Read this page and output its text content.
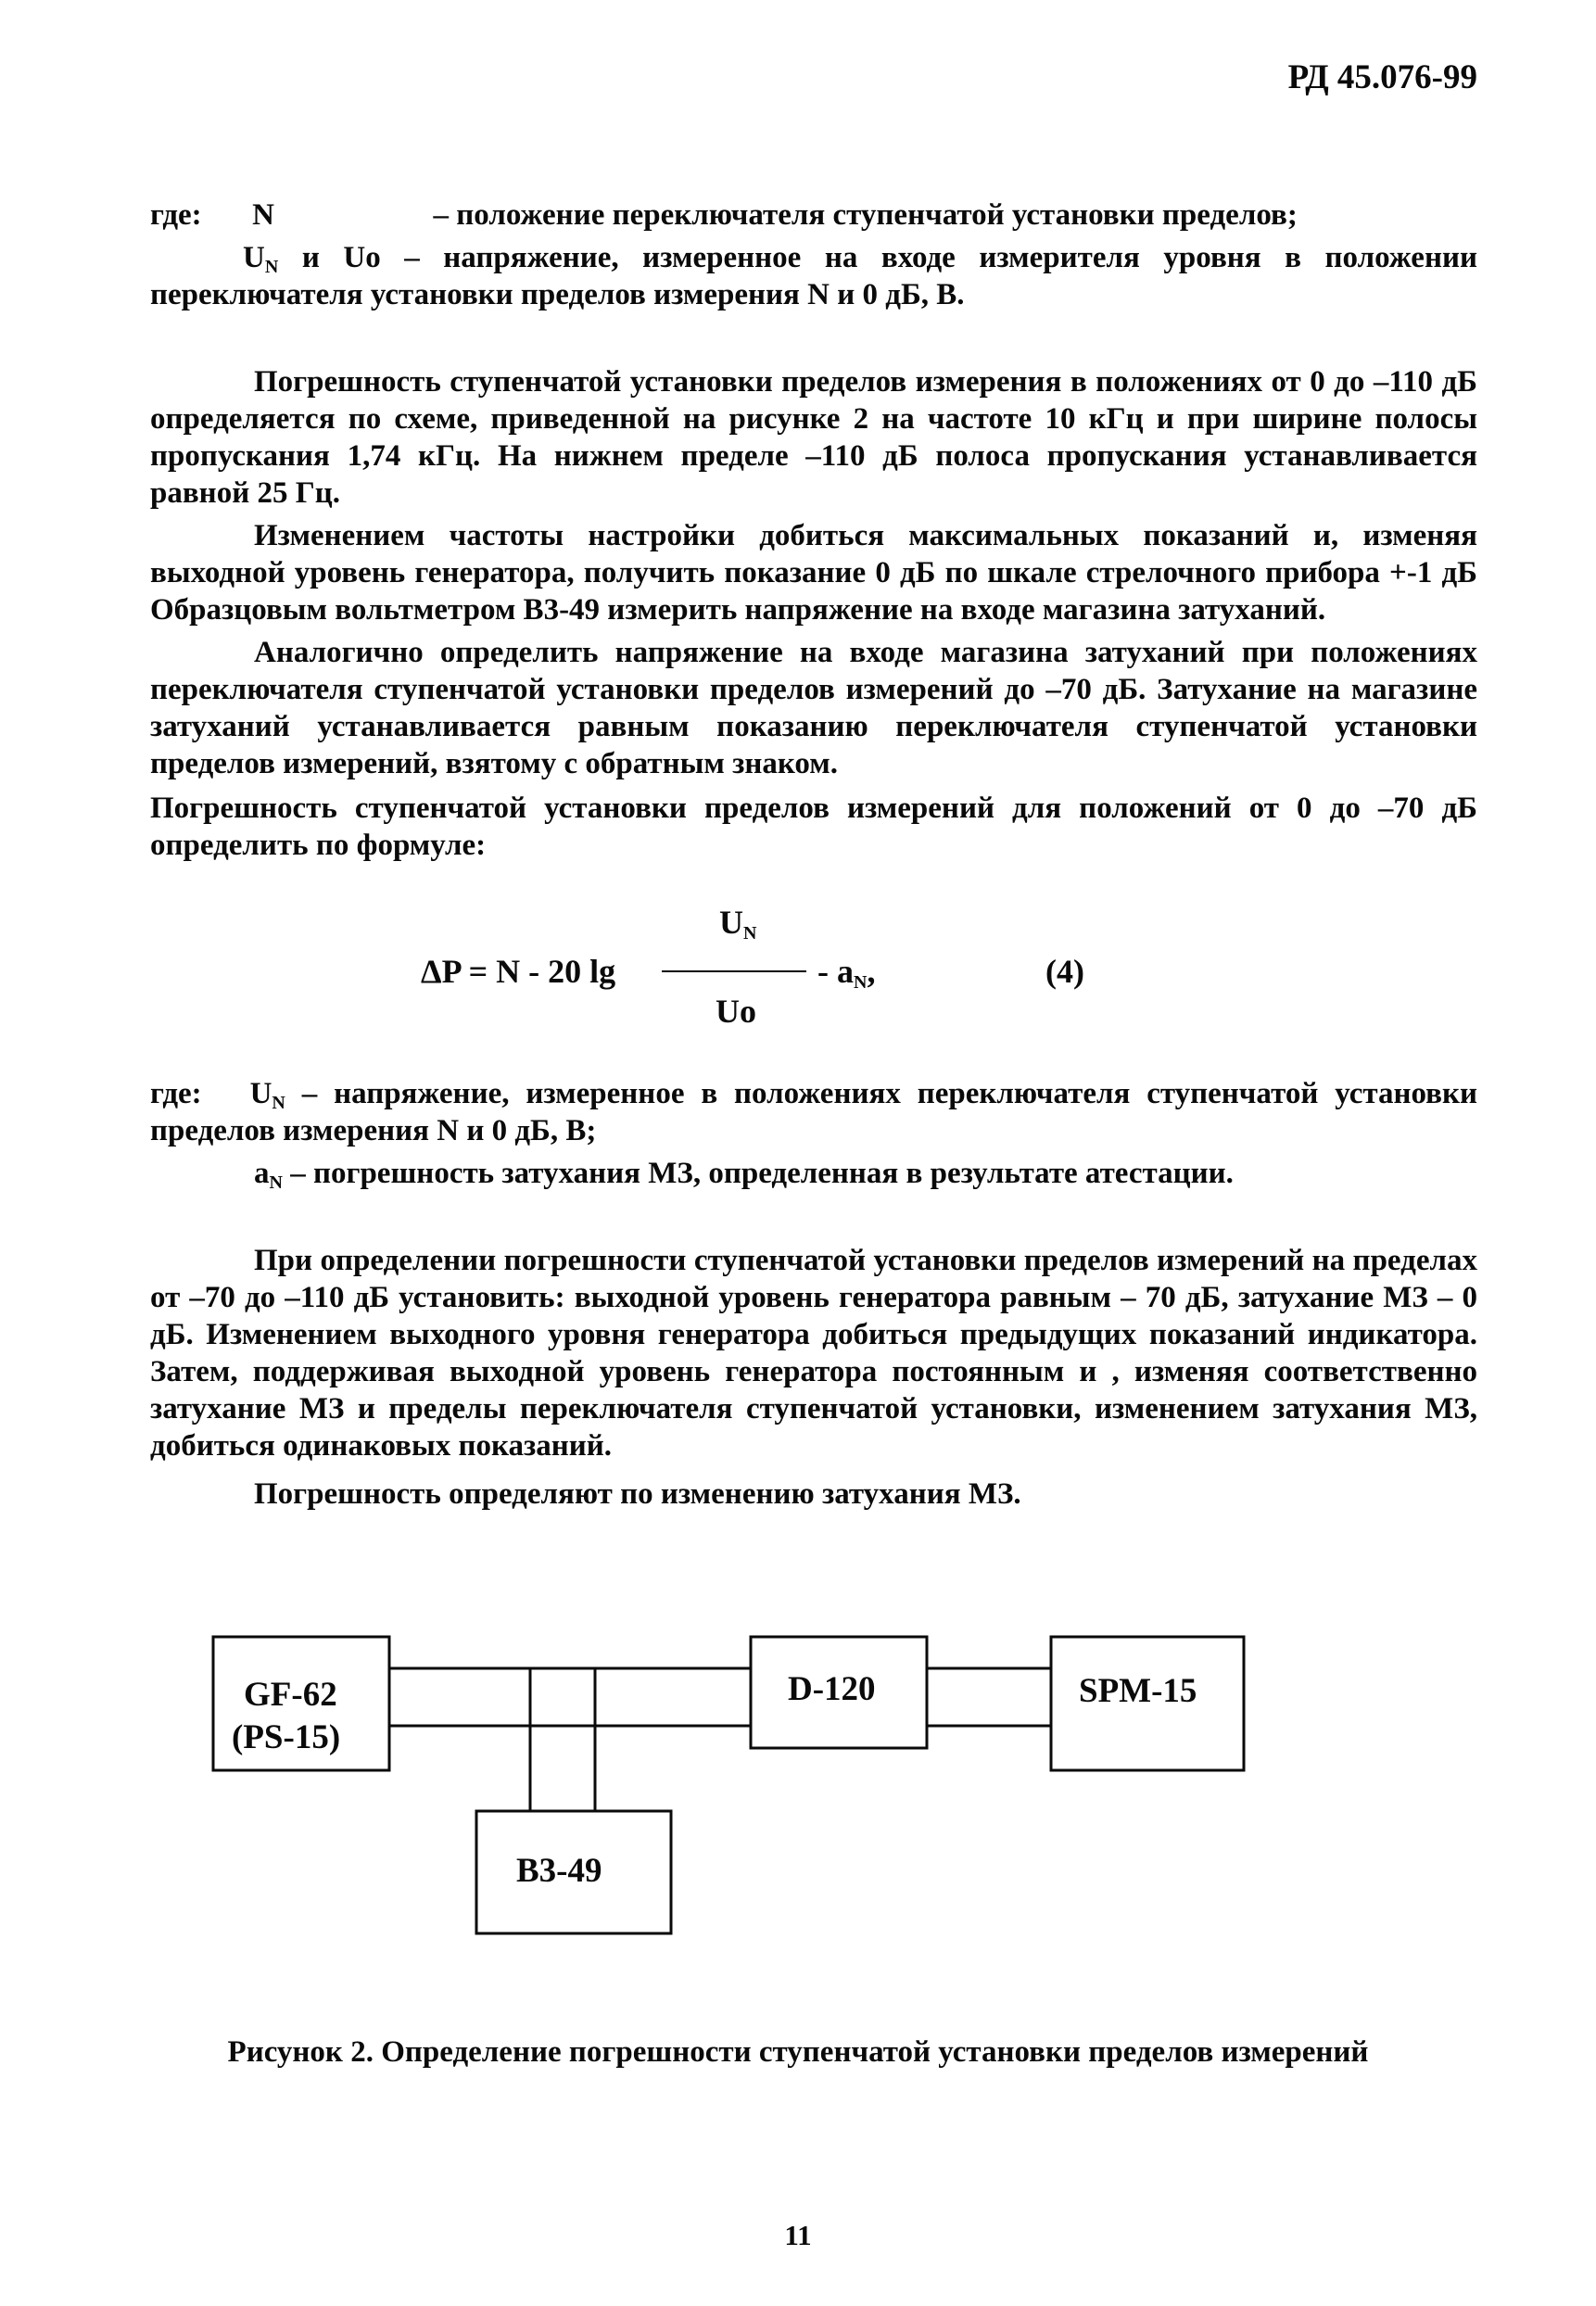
РД 45.076-99
где: N	– положение переключателя ступенчатой установки пределов;
$U_N$ и Uo – напряжение, измеренное на входе измерителя уровня в положении переключателя установки пределов измерения N и 0 дБ, В.

Погрешность ступенчатой установки пределов измерения в положениях от 0 до –110 дБ определяется по схеме, приведенной на рисунке 2 на частоте 10 кГц и при ширине полосы пропускания 1,74 кГц. На нижнем пределе –110 дБ полоса пропускания устанавливается равной 25 Гц.

Изменением частоты настройки добиться максимальных показаний и, изменяя выходной уровень генератора, получить показание 0 дБ по шкале стрелочного прибора +-1 дБ Образцовым вольтметром В3-49 измерить напряжение на входе магазина затуханий.

Аналогично определить напряжение на входе магазина затуханий при положениях переключателя ступенчатой установки пределов измерений до –70 дБ. Затухание на магазине затуханий устанавливается равным показанию переключателя ступенчатой установки пределов измерений, взятому с обратным знаком.

Погрешность ступенчатой установки пределов измерений для положений от 0 до –70 дБ определить по формуле:

ΔP = N - 20 lg
$U_N$
Uo
- $a_N$,	(4)

где: $U_N$ – напряжение, измеренное в положениях переключателя ступенчатой установки пределов измерения N и 0 дБ, В;

$a_N$ – погрешность затухания МЗ, определенная в результате атестации.

При определении погрешности ступенчатой установки пределов измерений на пределах от –70 до –110 дБ установить: выходной уровень генератора равным – 70 дБ, затухание МЗ – 0 дБ. Изменением выходного уровня генератора добиться предыдущих показаний индикатора. Затем, поддерживая выходной уровень генератора постоянным и , изменяя соответственно затухание МЗ и пределы переключателя ступенчатой установки, изменением затухания МЗ, добиться одинаковых показаний.

Погрешность определяют по изменению затухания МЗ.

GF-62
(PS-15)
D-120	SPM-15
В3-49
Рисунок 2. Определение погрешности ступенчатой установки пределов измерений
11
